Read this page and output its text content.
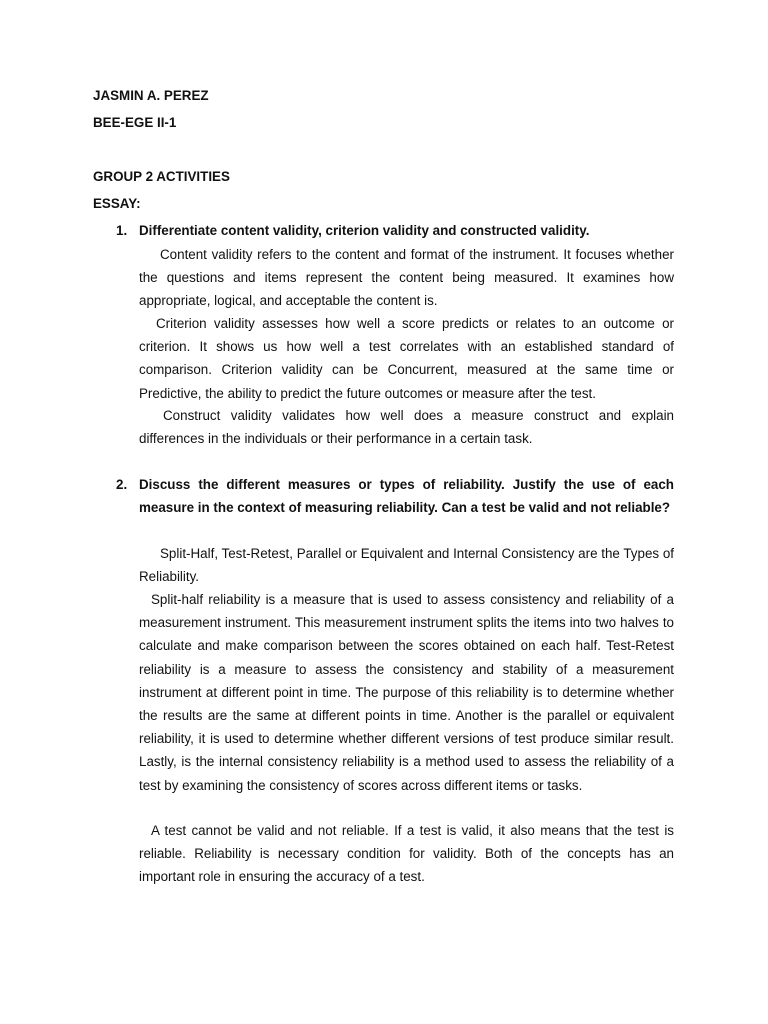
JASMIN A. PEREZ

BEE-EGE II-1

GROUP 2 ACTIVITIES

ESSAY:

1. Differentiate content validity, criterion validity and constructed validity.

Content validity refers to the content and format of the instrument. It focuses whether the questions and items represent the content being measured. It examines how appropriate, logical, and acceptable the content is.

Criterion validity assesses how well a score predicts or relates to an outcome or criterion. It shows us how well a test correlates with an established standard of comparison. Criterion validity can be Concurrent, measured at the same time or Predictive, the ability to predict the future outcomes or measure after the test.

Construct validity validates how well does a measure construct and explain differences in the individuals or their performance in a certain task.

2. Discuss the different measures or types of reliability. Justify the use of each measure in the context of measuring reliability. Can a test be valid and not reliable?

Split-Half, Test-Retest, Parallel or Equivalent and Internal Consistency are the Types of Reliability.

Split-half reliability is a measure that is used to assess consistency and reliability of a measurement instrument. This measurement instrument splits the items into two halves to calculate and make comparison between the scores obtained on each half. Test-Retest reliability is a measure to assess the consistency and stability of a measurement instrument at different point in time. The purpose of this reliability is to determine whether the results are the same at different points in time. Another is the parallel or equivalent reliability, it is used to determine whether different versions of test produce similar result. Lastly, is the internal consistency reliability is a method used to assess the reliability of a test by examining the consistency of scores across different items or tasks.

A test cannot be valid and not reliable. If a test is valid, it also means that the test is reliable. Reliability is necessary condition for validity. Both of the concepts has an important role in ensuring the accuracy of a test.
